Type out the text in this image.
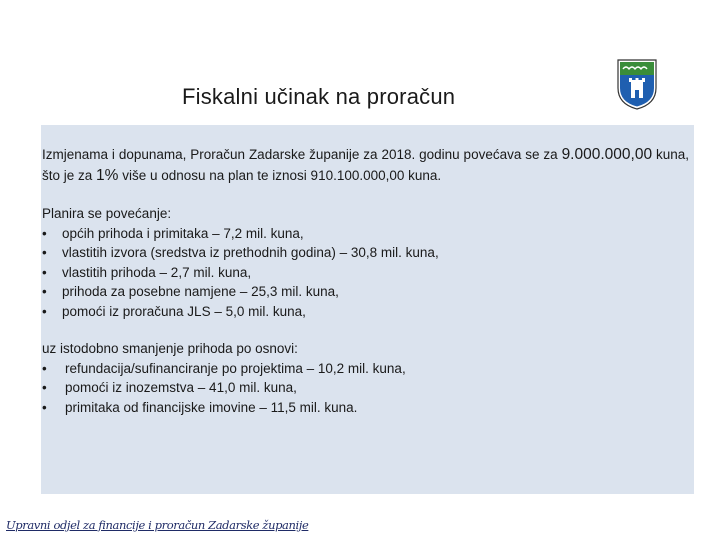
Fiskalni učinak na proračun
Izmjenama i dopunama, Proračun Zadarske županije za 2018. godinu povećava se za 9.000.000,00 kuna, što je za 1% više u odnosu na plan te iznosi 910.100.000,00 kuna.

Planira se povećanje:

• općih prihoda i primitaka – 7,2 mil. kuna,
• vlastitih izvora (sredstva iz prethodnih godina) – 30,8 mil. kuna,
• vlastitih prihoda – 2,7 mil. kuna,
• prihoda za posebne namjene – 25,3 mil. kuna,
• pomoći iz proračuna JLS – 5,0 mil. kuna,

uz istodobno smanjenje prihoda po osnovi:

• refundacija/sufinanciranje po projektima – 10,2 mil. kuna,
• pomoći iz inozemstva – 41,0 mil. kuna,
• primitaka od financijske imovine – 11,5 mil. kuna.
Upravni odjel za financije i proračun Zadarske županije
